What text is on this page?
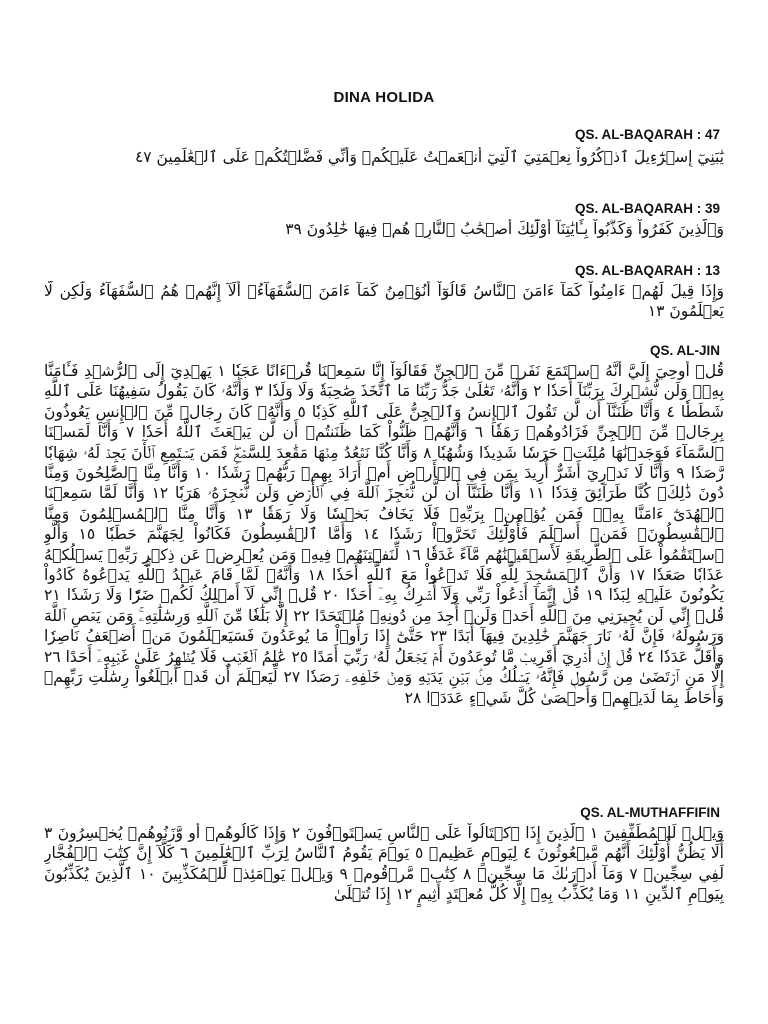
DINA HOLIDA
QS. AL-BAQARAH : 47
يَٰبَنِيٓ إِسۡرَٰٓءِيلَ ٱذۡكُرُواْ نِعۡمَتِيَ ٱلَّتِيٓ أَنۡعَمۡتُ عَلَيۡكُمۡ وَأَنِّي فَضَّلۡتُكُمۡ عَلَى ٱلۡعَٰلَمِينَ ٤٧
QS. AL-BAQARAH : 39
وَٱلَّذِينَ كَفَرُواْ وَكَذَّبُواْ بِـَٔايَٰتِنَآ أُوْلَٰٓئِكَ أَصۡحَٰبُ ٱلنَّارِۖ هُمۡ فِيهَا خَٰلِدُونَ ٣٩
QS. AL-BAQARAH : 13
وَإِذَا قِيلَ لَهُمۡ ءَامِنُواْ كَمَآ ءَامَنَ ٱلنَّاسُ قَالُوٓاْ أَنُؤۡمِنُ كَمَآ ءَامَنَ ٱلسُّفَهَآءُۗ أَلَآ إِنَّهُمۡ هُمُ ٱلسُّفَهَآءُ وَلَٰكِن لَّا يَعۡلَمُونَ ١٣
QS. AL-JIN
قُلۡ أُوحِيَ إِلَيَّ أَنَّهُ ٱسۡتَمَعَ نَفَرٞ مِّنَ ٱلۡجِنِّ فَقَالُوٓاْ إِنَّا سَمِعۡنَا قُرۡءَانًا عَجَبٗا ١ يَهۡدِيٓ إِلَى ٱلرُّشۡدِ فَـَٔامَنَّا بِهِۦۖ وَلَن نُّشۡرِكَ بِرَبِّنَآ أَحَدٗا ٢ وَأَنَّهُۥ تَعَٰلَىٰ جَدُّ رَبِّنَا مَا ٱتَّخَذَ صَٰحِبَةٗ وَلَا وَلَدٗا ٣ وَأَنَّهُۥ كَانَ يَقُولُ سَفِيهُنَا عَلَى ٱللَّهِ شَطَطٗا ٤ وَأَنَّا ظَنَنَّآ أَن لَّن تَقُولَ ٱلۡإِنسُ وَٱلۡجِنُّ عَلَى ٱللَّهِ كَذِبٗا ٥ وَأَنَّهُۥ كَانَ رِجَالٞ مِّنَ ٱلۡإِنسِ يَعُوذُونَ بِرِجَالٖ مِّنَ ٱلۡجِنِّ فَزَادُوهُمۡ رَهَقٗا ٦ وَأَنَّهُمۡ ظَنُّواْ كَمَا ظَنَنتُمۡ أَن لَّن يَبۡعَثَ ٱللَّهُ أَحَدٗا ٧ وَأَنَّا لَمَسۡنَا ٱلسَّمَآءَ فَوَجَدۡنَٰهَا مُلِئَتۡ حَرَسٗا شَدِيدٗا وَشُهُبٗا ٨ وَأَنَّا كُنَّا نَقۡعُدُ مِنۡهَا مَقَٰعِدَ لِلسَّمۡعِۖ فَمَن يَسۡتَمِعِ ٱلۡأٓنَ يَجِدۡ لَهُۥ شِهَابٗا رَّصَدٗا ٩ وَأَنَّا لَا نَدۡرِيٓ أَشَرٌّ أُرِيدَ بِمَن فِي ٱلۡأَرۡضِ أَمۡ أَرَادَ بِهِمۡ رَبُّهُمۡ رَشَدٗا ١٠ وَأَنَّا مِنَّا ٱلصَّٰلِحُونَ وَمِنَّا دُونَ ذَٰلِكَۖ كُنَّا طَرَآئِقَ قِدَدٗا ١١ وَأَنَّا ظَنَنَّآ أَن لَّن نُّعۡجِزَ ٱللَّهَ فِي ٱلۡأَرۡضِ وَلَن نُّعۡجِزَهُۥ هَرَبٗا ١٢ وَأَنَّا لَمَّا سَمِعۡنَا ٱلۡهُدَىٰٓ ءَامَنَّا بِهِۦۖ فَمَن يُؤۡمِنۢ بِرَبِّهِۦ فَلَا يَخَافُ بَخۡسٗا وَلَا رَهَقٗا ١٣ وَأَنَّا مِنَّا ٱلۡمُسۡلِمُونَ وَمِنَّا ٱلۡقَٰسِطُونَۖ فَمَنۡ أَسۡلَمَ فَأُوْلَٰٓئِكَ تَحَرَّوۡاْ رَشَدٗا ١٤ وَأَمَّا ٱلۡقَٰسِطُونَ فَكَانُواْ لِجَهَنَّمَ حَطَبٗا ١٥ وَأَلَّوِ ٱسۡتَقَٰمُواْ عَلَى ٱلطَّرِيقَةِ لَأَسۡقَيۡنَٰهُم مَّآءً غَدَقٗا ١٦ لِّنَفۡتِنَهُمۡ فِيهِۚ وَمَن يُعۡرِضۡ عَن ذِكۡرِ رَبِّهِۦ يَسۡلُكۡهُ عَذَابٗا صَعَدٗا ١٧ وَأَنَّ ٱلۡمَسَٰجِدَ لِلَّهِ فَلَا تَدۡعُواْ مَعَ ٱللَّهِ أَحَدٗا ١٨ وَأَنَّهُۥ لَمَّا قَامَ عَبۡدُ ٱللَّهِ يَدۡعُوهُ كَادُواْ يَكُونُونَ عَلَيۡهِ لِبَدٗا ١٩ قُلۡ إِنَّمَآ أَدۡعُواْ رَبِّي وَلَآ أُشۡرِكُ بِهِۦٓ أَحَدٗا ٢٠ قُلۡ إِنِّي لَآ أَمۡلِكُ لَكُمۡ ضَرّٗا وَلَا رَشَدٗا ٢١ قُلۡ إِنِّي لَن يُجِيرَنِي مِنَ ٱللَّهِ أَحَدٞ وَلَنۡ أَجِدَ مِن دُونِهِۦ مُلۡتَحَدًا ٢٢ إِلَّا بَلَٰغٗا مِّنَ ٱللَّهِ وَرِسَٰلَٰتِهِۦۚ وَمَن يَعۡصِ ٱللَّهَ وَرَسُولَهُۥ فَإِنَّ لَهُۥ نَارَ جَهَنَّمَ خَٰلِدِينَ فِيهَآ أَبَدًا ٢٣ حَتَّىٰٓ إِذَا رَأَوۡاْ مَا يُوعَدُونَ فَسَيَعۡلَمُونَ مَنۡ أَضۡعَفُ نَاصِرٗا وَأَقَلُّ عَدَدٗا ٢٤ قُلۡ إِنۡ أَدۡرِيٓ أَقَرِيبٞ مَّا تُوعَدُونَ أَمۡ يَجۡعَلُ لَهُۥ رَبِّيٓ أَمَدًا ٢٥ عَٰلِمُ ٱلۡغَيۡبِ فَلَا يُظۡهِرُ عَلَىٰ غَيۡبِهِۦٓ أَحَدًا ٢٦ إِلَّا مَنِ ٱرۡتَضَىٰ مِن رَّسُولٖ فَإِنَّهُۥ يَسۡلُكُ مِنۢ بَيۡنِ يَدَيۡهِ وَمِنۡ خَلۡفِهِۦ رَصَدٗا ٢٧ لِّيَعۡلَمَ أَن قَدۡ أَبۡلَغُواْ رِسَٰلَٰتِ رَبِّهِمۡ وَأَحَاطَ بِمَا لَدَيۡهِمۡ وَأَحۡصَىٰ كُلَّ شَيۡءٍ عَدَدَۢا ٢٨
QS. AL-MUTHAFFIFIN
وَيۡلٞ لِّلۡمُطَفِّفِينَ ١ ٱلَّذِينَ إِذَا ٱكۡتَالُواْ عَلَى ٱلنَّاسِ يَسۡتَوۡفُونَ ٢ وَإِذَا كَالُوهُمۡ أَو وَّزَنُوهُمۡ يُخۡسِرُونَ ٣ أَلَا يَظُنُّ أُوْلَٰٓئِكَ أَنَّهُم مَّبۡعُوثُونَ ٤ لِيَوۡمٍ عَظِيمٖ ٥ يَوۡمَ يَقُومُ ٱلنَّاسُ لِرَبِّ ٱلۡعَٰلَمِينَ ٦ كَلَّآ إِنَّ كِتَٰبَ ٱلۡفُجَّارِ لَفِي سِجِّينٖ ٧ وَمَآ أَدۡرَىٰكَ مَا سِجِّينٞ ٨ كِتَٰبٞ مَّرۡقُومٞ ٩ وَيۡلٞ يَوۡمَئِذٖ لِّلۡمُكَذِّبِينَ ١٠ ٱلَّذِينَ يُكَذِّبُونَ بِيَوۡمِ ٱلدِّينِ ١١ وَمَا يُكَذِّبُ بِهِۦٓ إِلَّا كُلُّ مُعۡتَدٍ أَثِيمٍ ١٢ إِذَا تُتۡلَىٰ
